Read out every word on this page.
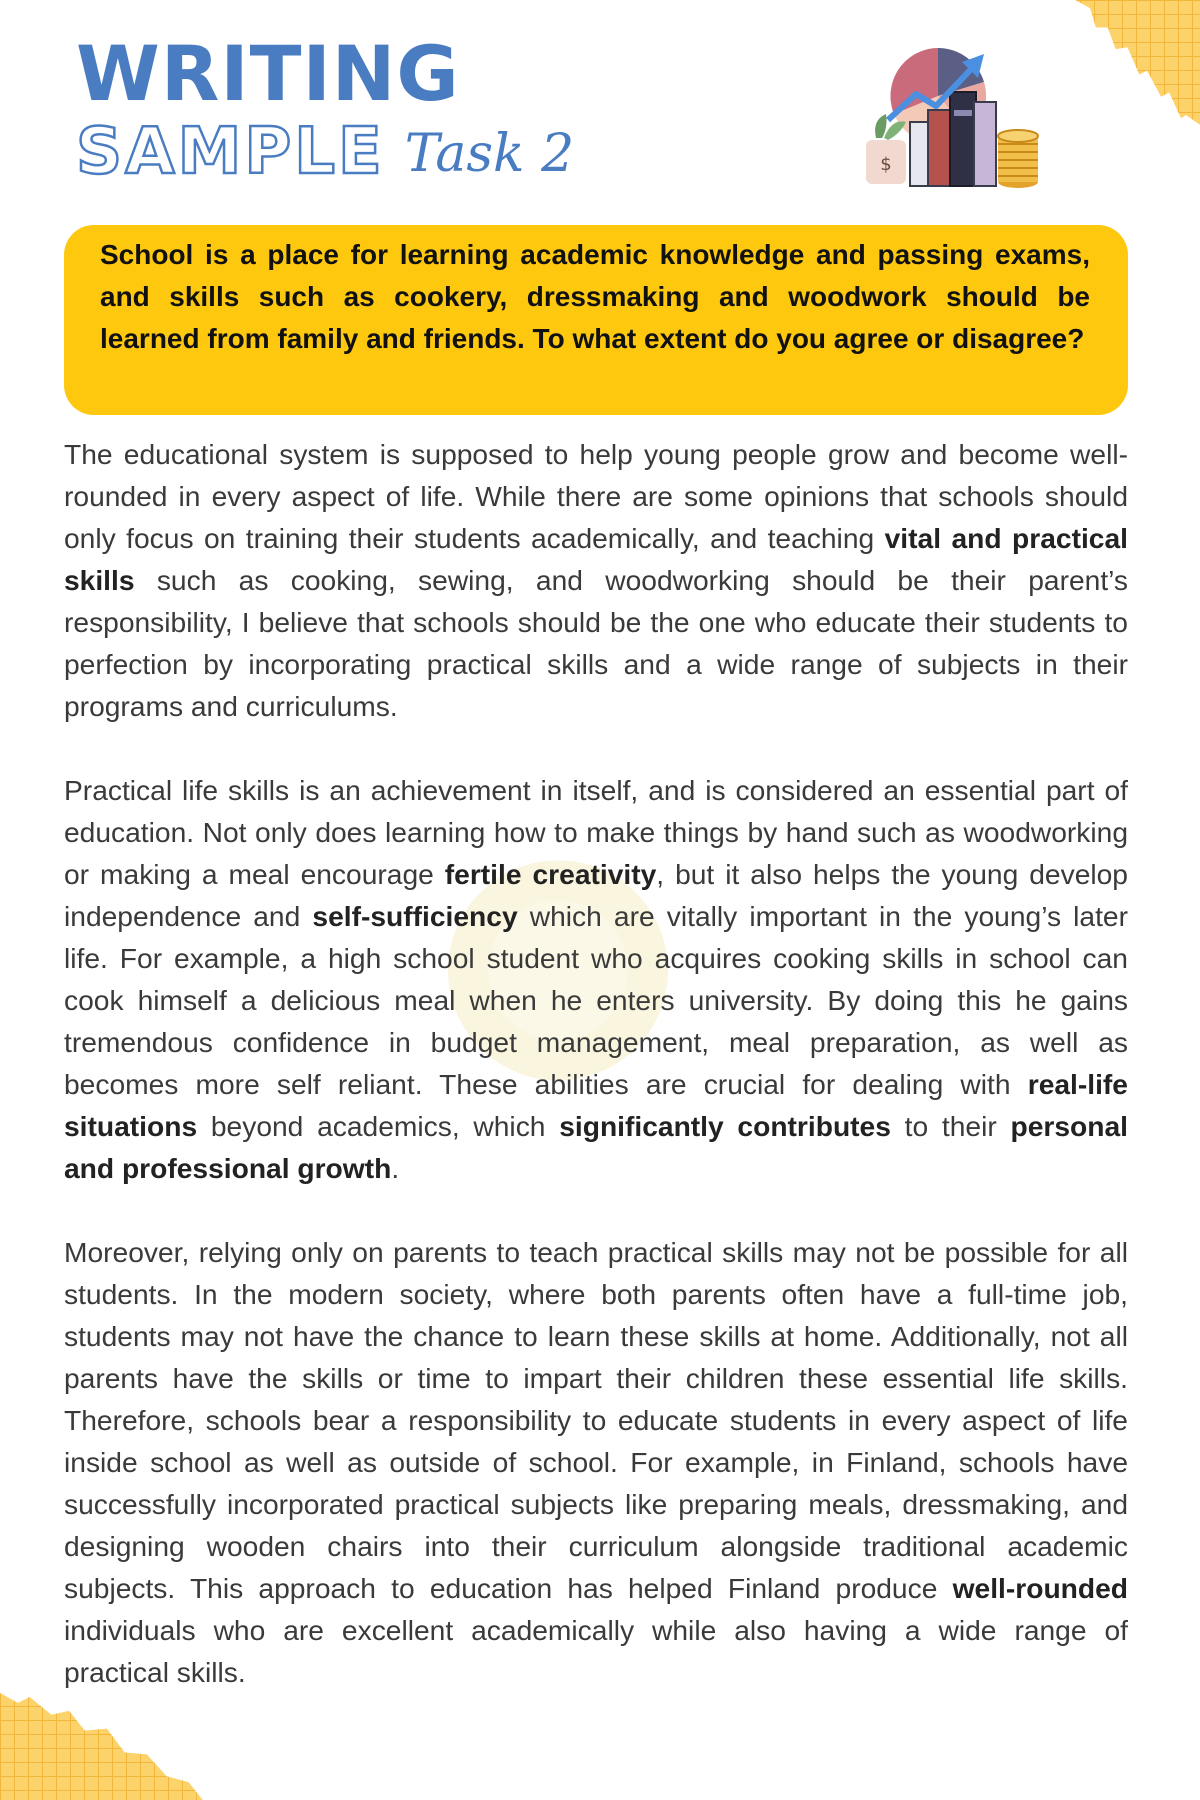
WRITING
SAMPLE Task 2	$

School is a place for learning academic knowledge and passing exams, and skills such as cookery, dressmaking and woodwork should be learned from family and friends. To what extent do you agree or disagree?

The educational system is supposed to help young people grow and become well-rounded in every aspect of life. While there are some opinions that schools should only focus on training their students academically, and teaching vital and practical skills such as cooking, sewing, and woodworking should be their parent’s responsibility, I believe that schools should be the one who educate their students to perfection by incorporating practical skills and a wide range of subjects in their programs and curriculums.

Practical life skills is an achievement in itself, and is considered an essential part of education. Not only does learning how to make things by hand such as woodworking or making a meal encourage fertile creativity, but it also helps the young develop independence and self-sufficiency which are vitally important in the young’s later life. For example, a high school student who acquires cooking skills in school can cook himself a delicious meal when he enters university. By doing this he gains tremendous confidence in budget management, meal preparation, as well as becomes more self reliant. These abilities are crucial for dealing with real-life situations beyond academics, which significantly contributes to their personal and professional growth.

Moreover, relying only on parents to teach practical skills may not be possible for all students. In the modern society, where both parents often have a full-time job, students may not have the chance to learn these skills at home. Additionally, not all parents have the skills or time to impart their children these essential life skills. Therefore, schools bear a responsibility to educate students in every aspect of life inside school as well as outside of school. For example, in Finland, schools have successfully incorporated practical subjects like preparing meals, dressmaking, and designing wooden chairs into their curriculum alongside traditional academic subjects. This approach to education has helped Finland produce well-rounded individuals who are excellent academically while also having a wide range of practical skills.
